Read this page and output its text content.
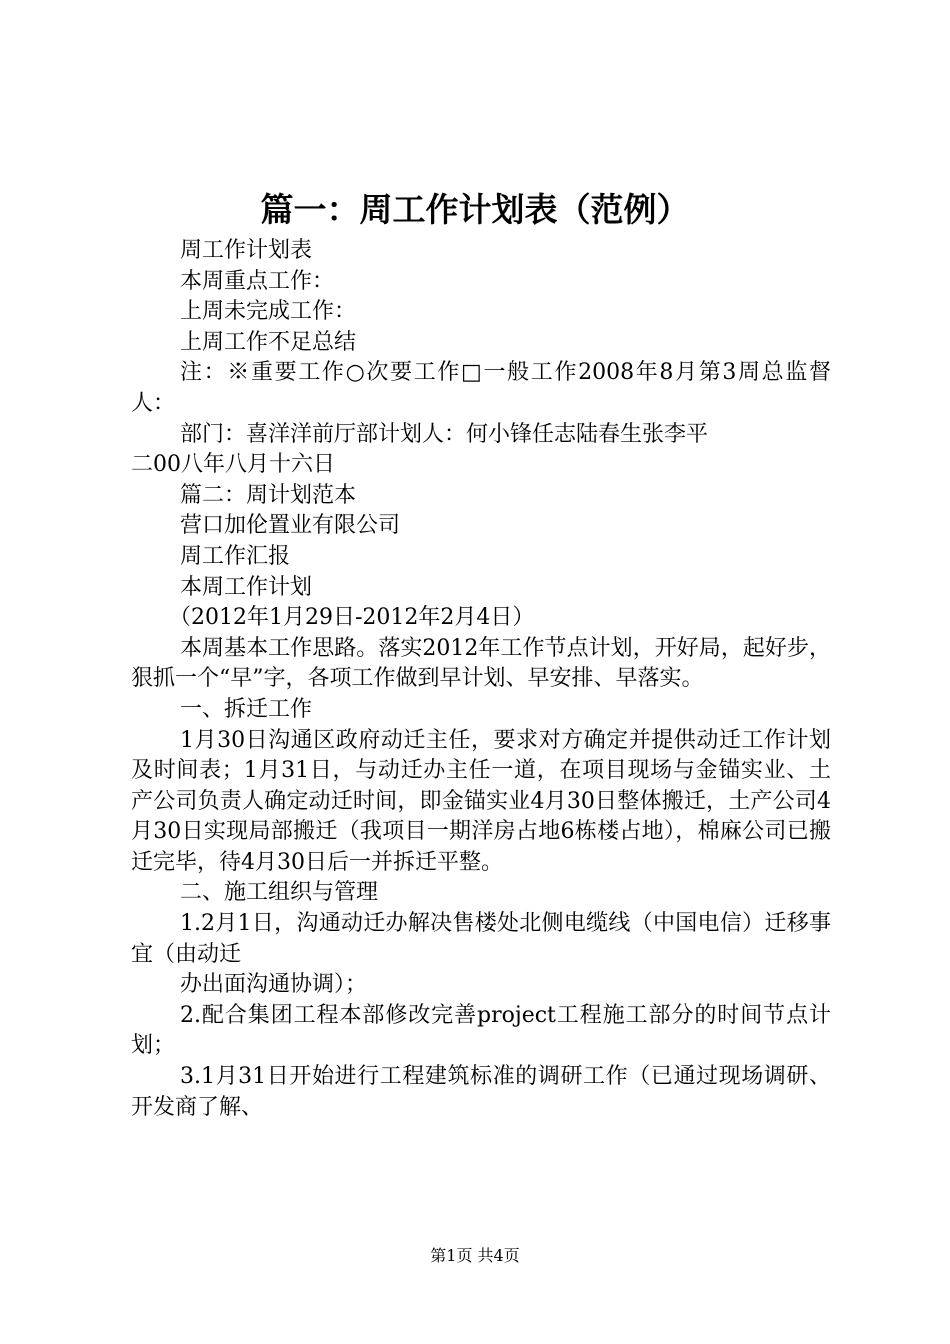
篇一：周工作计划表（范例）

周工作计划表

本周重点工作：

上周未完成工作：

上周工作不足总结

注：※重要工作○次要工作□一般工作2008年8月第3周总监督人：

部门：喜洋洋前厅部计划人：何小锋任志陆春生张李平

二00八年八月十六日

篇二：周计划范本

营口加伦置业有限公司

周工作汇报

本周工作计划

（2012年1月29日-2012年2月4日）

本周基本工作思路。落实2012年工作节点计划，开好局，起好步，狠抓一个“早”字，各项工作做到早计划、早安排、早落实。

一、拆迁工作

1月30日沟通区政府动迁主任，要求对方确定并提供动迁工作计划及时间表；1月31日，与动迁办主任一道，在项目现场与金锚实业、土产公司负责人确定动迁时间，即金锚实业4月30日整体搬迁，土产公司4月30日实现局部搬迁（我项目一期洋房占地6栋楼占地），棉麻公司已搬迁完毕，待4月30日后一并拆迁平整。

二、施工组织与管理

1.2月1日，沟通动迁办解决售楼处北侧电缆线（中国电信）迁移事宜（由动迁

办出面沟通协调）；

2.配合集团工程本部修改完善project工程施工部分的时间节点计划；

3.1月31日开始进行工程建筑标准的调研工作（已通过现场调研、开发商了解、

第1页 共4页
